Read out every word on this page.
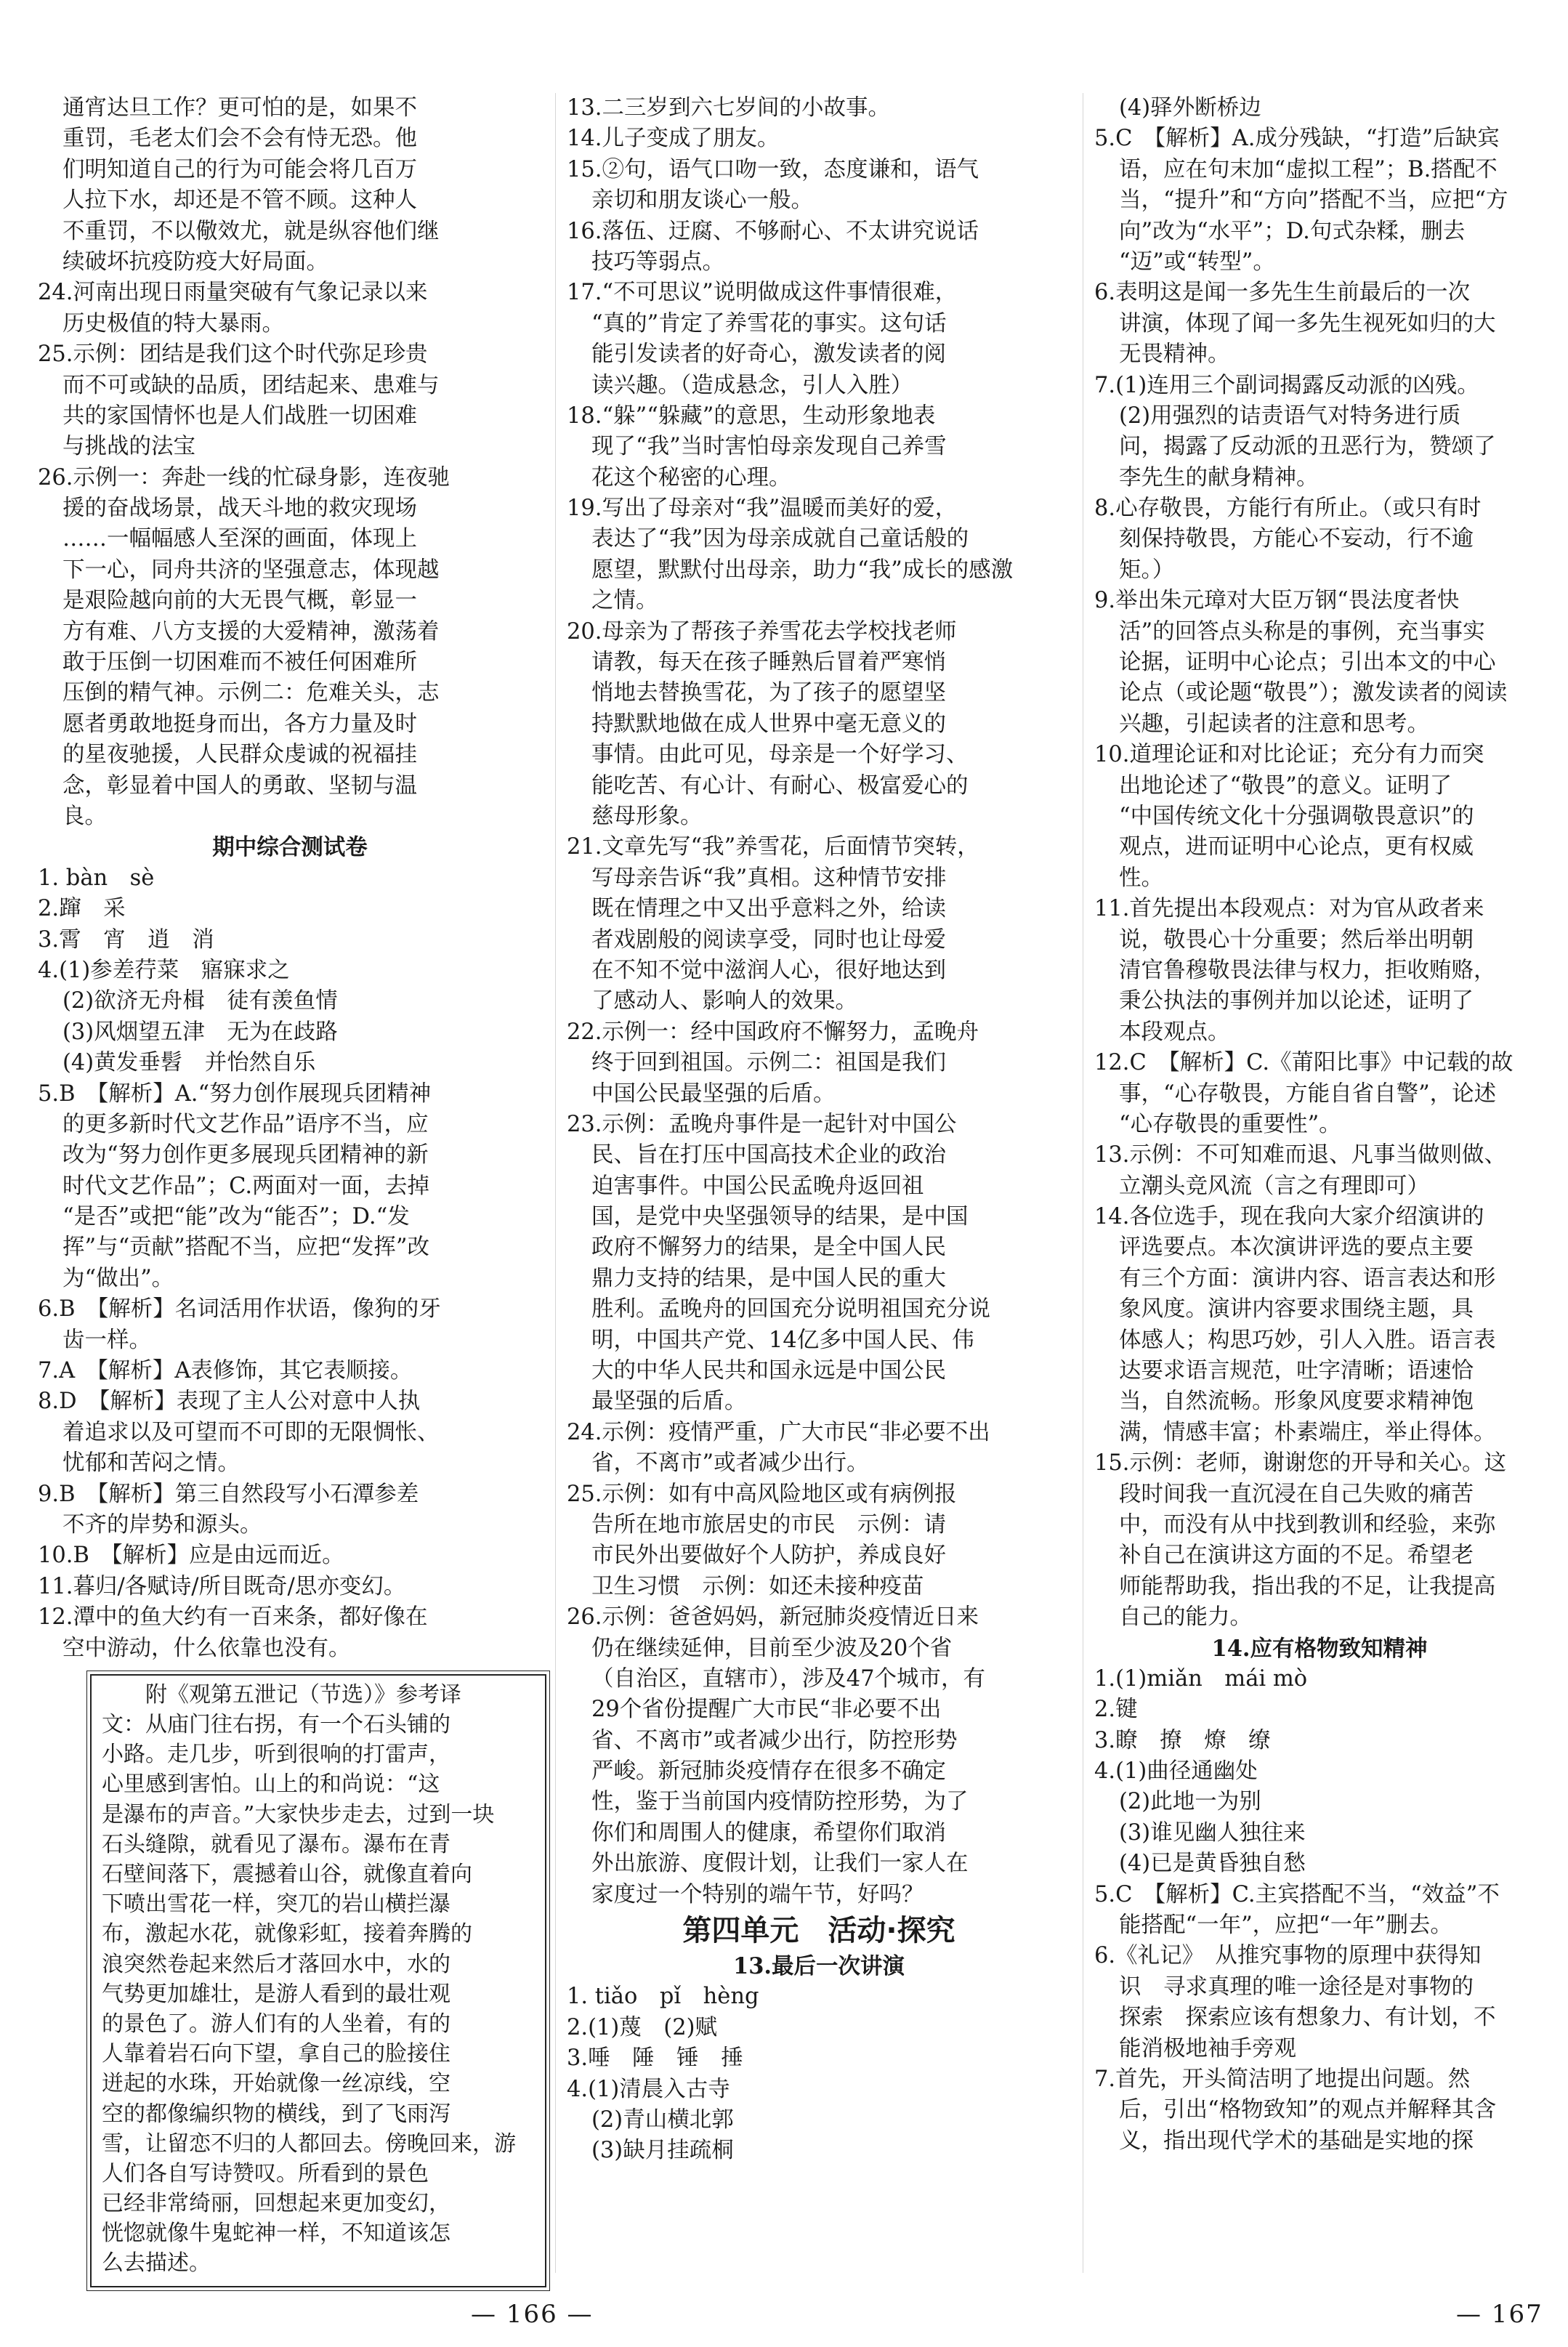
通宵达旦工作？更可怕的是，如果不
重罚，毛老太们会不会有恃无恐。他
们明知道自己的行为可能会将几百万
人拉下水，却还是不管不顾。这种人
不重罚，不以儆效尤，就是纵容他们继
续破坏抗疫防疫大好局面。
24.河南出现日雨量突破有气象记录以来
历史极值的特大暴雨。
25.示例：团结是我们这个时代弥足珍贵
而不可或缺的品质，团结起来、患难与
共的家国情怀也是人们战胜一切困难
与挑战的法宝
26.示例一：奔赴一线的忙碌身影，连夜驰
援的奋战场景，战天斗地的救灾现场
……一幅幅感人至深的画面，体现上
下一心，同舟共济的坚强意志，体现越
是艰险越向前的大无畏气概，彰显一
方有难、八方支援的大爱精神，激荡着
敢于压倒一切困难而不被任何困难所
压倒的精气神。示例二：危难关头，志
愿者勇敢地挺身而出，各方力量及时
的星夜驰援，人民群众虔诚的祝福挂
念，彰显着中国人的勇敢、坚韧与温
良。
期中综合测试卷
1. bàn　sè
2.蹿　采
3.霄　宵　逍　消
4.(1)参差荇菜　寤寐求之
(2)欲济无舟楫　徒有羡鱼情
(3)风烟望五津　无为在歧路
(4)黄发垂髫　并怡然自乐
5.B　【解析】A.“努力创作展现兵团精神
的更多新时代文艺作品”语序不当，应
改为“努力创作更多展现兵团精神的新
时代文艺作品”；C.两面对一面，去掉
“是否”或把“能”改为“能否”；D.“发
挥”与“贡献”搭配不当，应把“发挥”改
为“做出”。
6.B　【解析】名词活用作状语，像狗的牙
齿一样。
7.A　【解析】A表修饰，其它表顺接。
8.D　【解析】表现了主人公对意中人执
着追求以及可望而不可即的无限惆怅、
忧郁和苦闷之情。
9.B　【解析】第三自然段写小石潭参差
不齐的岸势和源头。
10.B　【解析】应是由远而近。
11.暮归/各赋诗/所目既奇/思亦变幻。
12.潭中的鱼大约有一百来条，都好像在
空中游动，什么依靠也没有。
　　附《观第五泄记（节选）》参考译
文：从庙门往右拐，有一个石头铺的
小路。走几步，听到很响的打雷声，
心里感到害怕。山上的和尚说：“这
是瀑布的声音。”大家快步走去，过到一块
石头缝隙，就看见了瀑布。瀑布在青
石壁间落下，震撼着山谷，就像直着向
下喷出雪花一样，突兀的岩山横拦瀑
布，激起水花，就像彩虹，接着奔腾的
浪突然卷起来然后才落回水中，水的
气势更加雄壮，是游人看到的最壮观
的景色了。游人们有的人坐着，有的
人靠着岩石向下望，拿自己的脸接住
迸起的水珠，开始就像一丝凉线，空
空的都像编织物的横线，到了飞雨泻
雪，让留恋不归的人都回去。傍晚回来，游
人们各自写诗赞叹。所看到的景色
已经非常绮丽，回想起来更加变幻，
恍惚就像牛鬼蛇神一样，不知道该怎
么去描述。
13.二三岁到六七岁间的小故事。
14.儿子变成了朋友。
15.②句，语气口吻一致，态度谦和，语气
亲切和朋友谈心一般。
16.落伍、迂腐、不够耐心、不太讲究说话
技巧等弱点。
17.“不可思议”说明做成这件事情很难，
“真的”肯定了养雪花的事实。这句话
能引发读者的好奇心，激发读者的阅
读兴趣。（造成悬念，引人入胜）
18.“躲”“躲藏”的意思，生动形象地表
现了“我”当时害怕母亲发现自己养雪
花这个秘密的心理。
19.写出了母亲对“我”温暖而美好的爱，
表达了“我”因为母亲成就自己童话般的
愿望，默默付出母亲，助力“我”成长的感激
之情。
20.母亲为了帮孩子养雪花去学校找老师
请教，每天在孩子睡熟后冒着严寒悄
悄地去替换雪花，为了孩子的愿望坚
持默默地做在成人世界中毫无意义的
事情。由此可见，母亲是一个好学习、
能吃苦、有心计、有耐心、极富爱心的
慈母形象。
21.文章先写“我”养雪花，后面情节突转，
写母亲告诉“我”真相。这种情节安排
既在情理之中又出乎意料之外，给读
者戏剧般的阅读享受，同时也让母爱
在不知不觉中滋润人心，很好地达到
了感动人、影响人的效果。
22.示例一：经中国政府不懈努力，孟晚舟
终于回到祖国。示例二：祖国是我们
中国公民最坚强的后盾。
23.示例：孟晚舟事件是一起针对中国公
民、旨在打压中国高技术企业的政治
迫害事件。中国公民孟晚舟返回祖
国，是党中央坚强领导的结果，是中国
政府不懈努力的结果，是全中国人民
鼎力支持的结果，是中国人民的重大
胜利。孟晚舟的回国充分说明祖国充分说
明，中国共产党、14亿多中国人民、伟
大的中华人民共和国永远是中国公民
最坚强的后盾。
24.示例：疫情严重，广大市民“非必要不出
省，不离市”或者减少出行。
25.示例：如有中高风险地区或有病例报
告所在地市旅居史的市民　示例：请
市民外出要做好个人防护，养成良好
卫生习惯　示例：如还未接种疫苗
26.示例：爸爸妈妈，新冠肺炎疫情近日来
仍在继续延伸，目前至少波及20个省
（自治区，直辖市），涉及47个城市，有
29个省份提醒广大市民“非必要不出
省、不离市”或者减少出行，防控形势
严峻。新冠肺炎疫情存在很多不确定
性，鉴于当前国内疫情防控形势，为了
你们和周围人的健康，希望你们取消
外出旅游、度假计划，让我们一家人在
家度过一个特别的端午节，好吗？
第四单元　活动·探究
13.最后一次讲演
1. tiǎo　pǐ　hèng
2.(1)蔑　(2)赋
3.唾　陲　锤　捶
4.(1)清晨入古寺
(2)青山横北郭
(3)缺月挂疏桐
(4)驿外断桥边
5.C　【解析】A.成分残缺，“打造”后缺宾
语，应在句末加“虚拟工程”；B.搭配不
当，“提升”和“方向”搭配不当，应把“方
向”改为“水平”；D.句式杂糅，删去
“迈”或“转型”。
6.表明这是闻一多先生生前最后的一次
讲演，体现了闻一多先生视死如归的大
无畏精神。
7.(1)连用三个副词揭露反动派的凶残。
(2)用强烈的诘责语气对特务进行质
问，揭露了反动派的丑恶行为，赞颂了
李先生的献身精神。
8.心存敬畏，方能行有所止。（或只有时
刻保持敬畏，方能心不妄动，行不逾
矩。）
9.举出朱元璋对大臣万钢“畏法度者快
活”的回答点头称是的事例，充当事实
论据，证明中心论点；引出本文的中心
论点（或论题“敬畏”）；激发读者的阅读
兴趣，引起读者的注意和思考。
10.道理论证和对比论证；充分有力而突
出地论述了“敬畏”的意义。证明了
“中国传统文化十分强调敬畏意识”的
观点，进而证明中心论点，更有权威
性。
11.首先提出本段观点：对为官从政者来
说，敬畏心十分重要；然后举出明朝
清官鲁穆敬畏法律与权力，拒收贿赂，
秉公执法的事例并加以论述，证明了
本段观点。
12.C　【解析】C.《莆阳比事》中记载的故
事，“心存敬畏，方能自省自警”，论述
“心存敬畏的重要性”。
13.示例：不可知难而退、凡事当做则做、
立潮头竞风流（言之有理即可）
14.各位选手，现在我向大家介绍演讲的
评选要点。本次演讲评选的要点主要
有三个方面：演讲内容、语言表达和形
象风度。演讲内容要求围绕主题，具
体感人；构思巧妙，引人入胜。语言表
达要求语言规范，吐字清晰；语速恰
当，自然流畅。形象风度要求精神饱
满，情感丰富；朴素端庄，举止得体。
15.示例：老师，谢谢您的开导和关心。这
段时间我一直沉浸在自己失败的痛苦
中，而没有从中找到教训和经验，来弥
补自己在演讲这方面的不足。希望老
师能帮助我，指出我的不足，让我提高
自己的能力。
14.应有格物致知精神
1.(1)miǎn　mái mò
2.键
3.瞭　撩　燎　缭
4.(1)曲径通幽处
(2)此地一为别
(3)谁见幽人独往来
(4)已是黄昏独自愁
5.C　【解析】C.主宾搭配不当，“效益”不
能搭配“一年”，应把“一年”删去。
6.《礼记》　从推究事物的原理中获得知
识　寻求真理的唯一途径是对事物的
探索　探索应该有想象力、有计划，不
能消极地袖手旁观
7.首先，开头简洁明了地提出问题。然
后，引出“格物致知”的观点并解释其含
义，指出现代学术的基础是实地的探
— 166 —	— 167
